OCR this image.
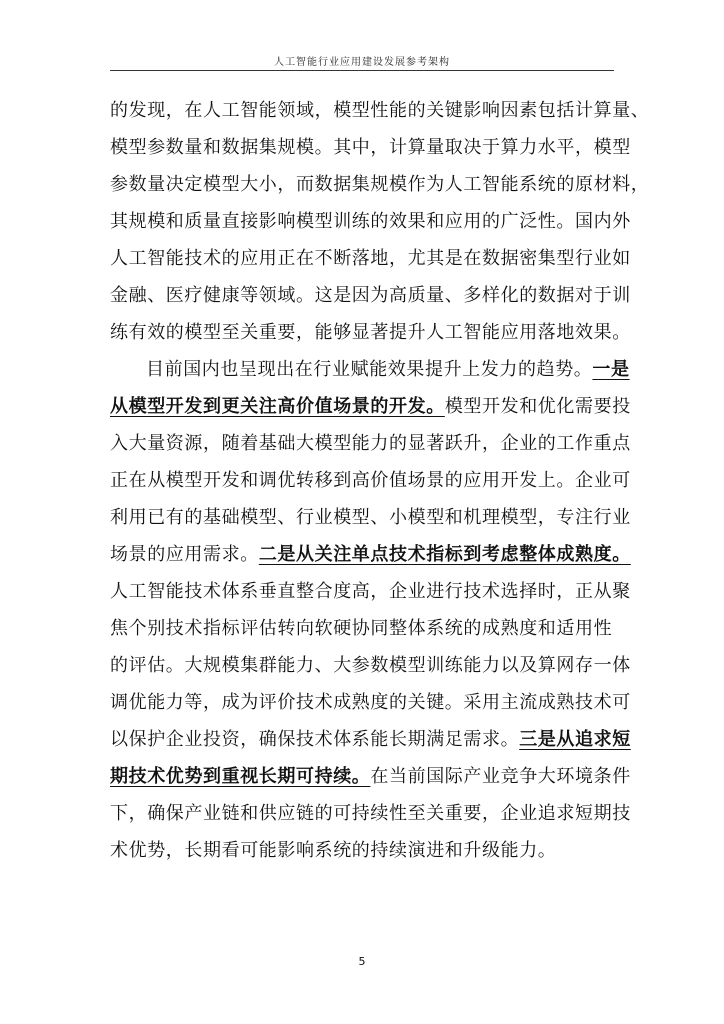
人工智能行业应用建设发展参考架构
的发现，在人工智能领域，模型性能的关键影响因素包括计算量、
模型参数量和数据集规模。其中，计算量取决于算力水平，模型
参数量决定模型大小，而数据集规模作为人工智能系统的原材料，
其规模和质量直接影响模型训练的效果和应用的广泛性。国内外
人工智能技术的应用正在不断落地，尤其是在数据密集型行业如
金融、医疗健康等领域。这是因为高质量、多样化的数据对于训
练有效的模型至关重要，能够显著提升人工智能应用落地效果。
目前国内也呈现出在行业赋能效果提升上发力的趋势。一是
从模型开发到更关注高价值场景的开发。模型开发和优化需要投
入大量资源，随着基础大模型能力的显著跃升，企业的工作重点
正在从模型开发和调优转移到高价值场景的应用开发上。企业可
利用已有的基础模型、行业模型、小模型和机理模型，专注行业
场景的应用需求。二是从关注单点技术指标到考虑整体成熟度。
人工智能技术体系垂直整合度高，企业进行技术选择时，正从聚
焦个别技术指标评估转向软硬协同整体系统的成熟度和适用性
的评估。大规模集群能力、大参数模型训练能力以及算网存一体
调优能力等，成为评价技术成熟度的关键。采用主流成熟技术可
以保护企业投资，确保技术体系能长期满足需求。三是从追求短
期技术优势到重视长期可持续。在当前国际产业竞争大环境条件
下，确保产业链和供应链的可持续性至关重要，企业追求短期技
术优势，长期看可能影响系统的持续演进和升级能力。
5
